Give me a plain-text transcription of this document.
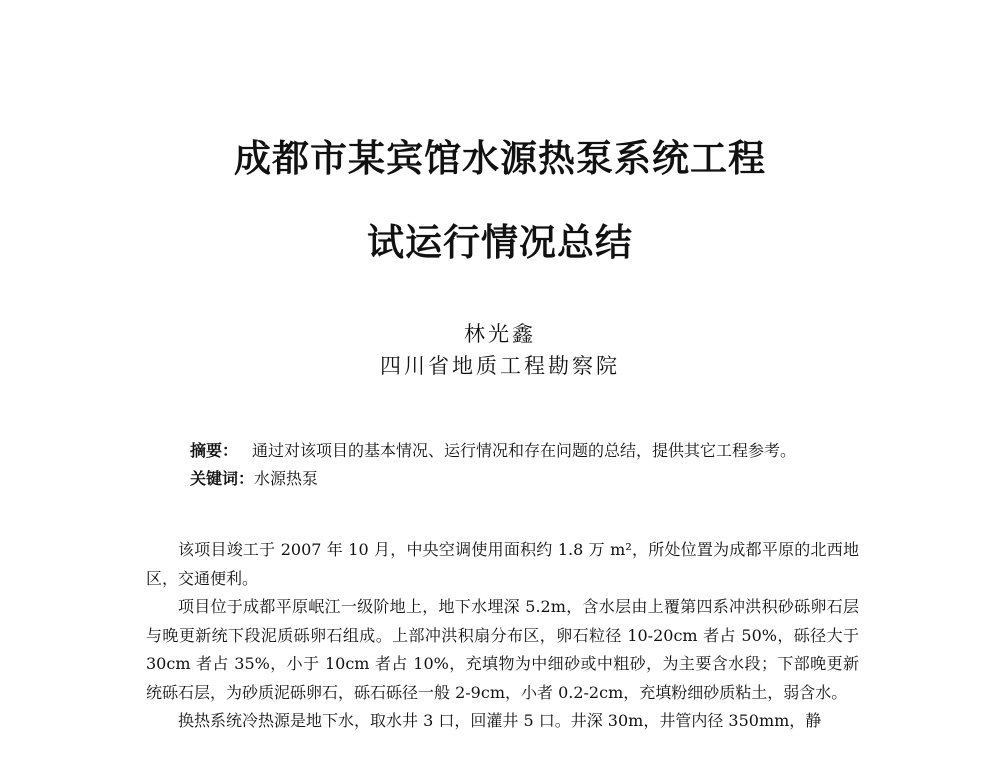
成都市某宾馆水源热泵系统工程
试运行情况总结
林光鑫
四川省地质工程勘察院
摘要： 通过对该项目的基本情况、运行情况和存在问题的总结，提供其它工程参考。
关键词：水源热泵

该项目竣工于 2007 年 10 月，中央空调使用面积约 1.8 万 m²，所处位置为成都平原的北西地区，交通便利。

项目位于成都平原岷江一级阶地上，地下水埋深 5.2m，含水层由上覆第四系冲洪积砂砾卵石层与晚更新统下段泥质砾卵石组成。上部冲洪积扇分布区，卵石粒径 10-20cm 者占 50%，砾径大于 30cm 者占 35%，小于 10cm 者占 10%，充填物为中细砂或中粗砂，为主要含水段；下部晚更新统砾石层，为砂质泥砾卵石，砾石砾径一般 2-9cm，小者 0.2-2cm，充填粉细砂质粘土，弱含水。

换热系统冷热源是地下水，取水井 3 口，回灌井 5 口。井深 30m，井管内径 350mm，静
